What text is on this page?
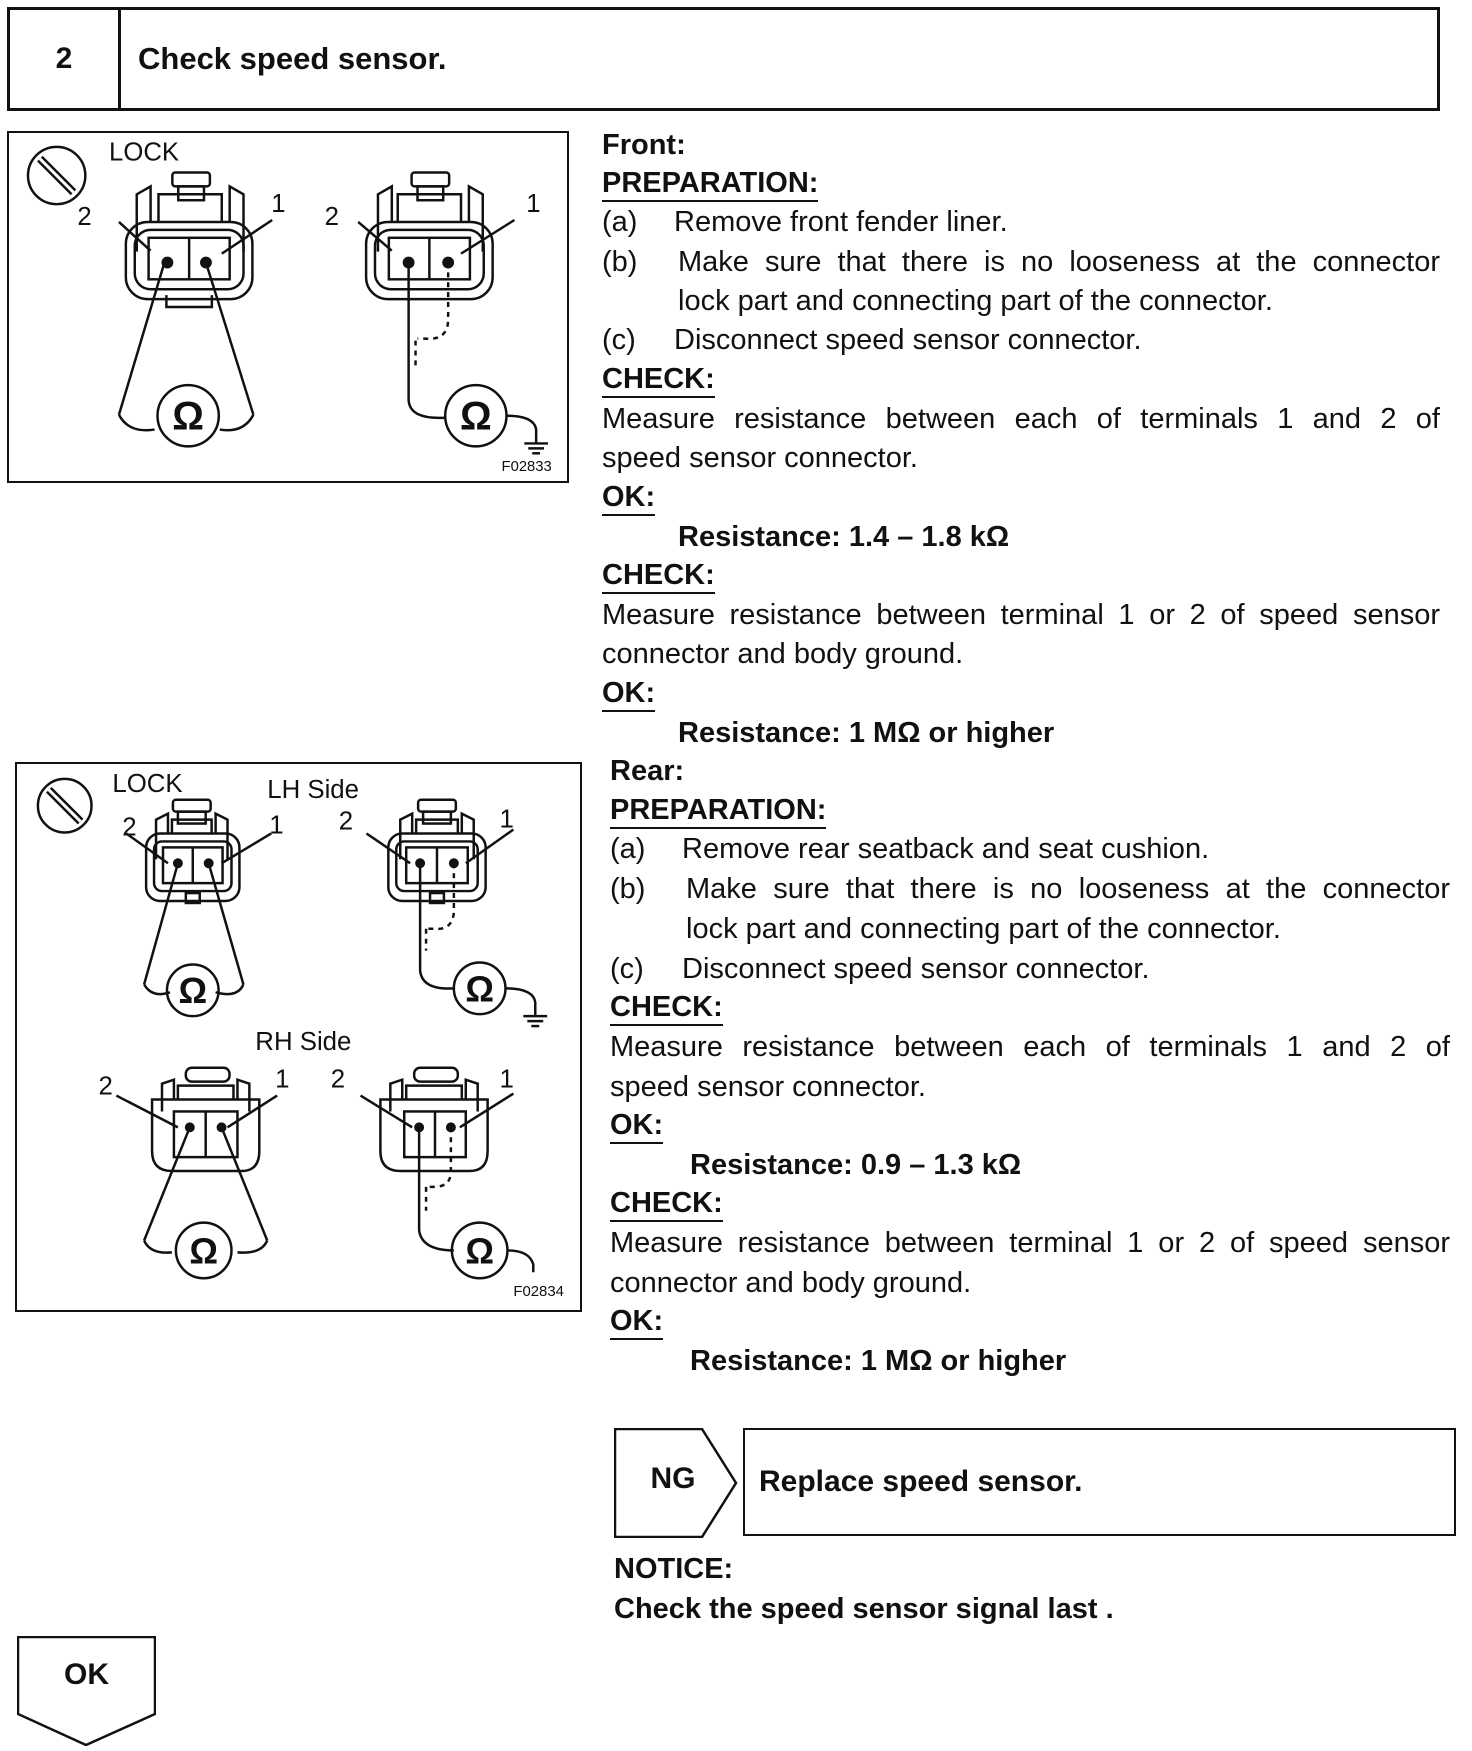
2	Check speed sensor.
LOCK
2	1 2	1
Ω	Ω
F02833
LOCK	LH Side
RH Side
2	1 2	1
2	1 2	1
Ω	Ω
Ω	Ω
F02834
Front:
PREPARATION:
(a) Remove front fender liner.
(b)	Make sure that there is no looseness at the connector
lock part and connecting part of the connector.
(c) Disconnect speed sensor connector.
CHECK:
Measure resistance between each of terminals 1 and 2 of
speed sensor connector.
OK:
Resistance: 1.4 – 1.8 kΩ
CHECK:
Measure resistance between terminal 1 or 2 of speed sensor
connector and body ground.
OK:
Resistance: 1 MΩ or higher
Rear:
PREPARATION:
(a) Remove rear seatback and seat cushion.
(b)	Make sure that there is no looseness at the connector
lock part and connecting part of the connector.
(c) Disconnect speed sensor connector.
CHECK:
Measure resistance between each of terminals 1 and 2 of
speed sensor connector.
OK:
Resistance: 0.9 – 1.3 kΩ
CHECK:
Measure resistance between terminal 1 or 2 of speed sensor
connector and body ground.
OK:
Resistance: 1 MΩ or higher
NG	Replace speed sensor.
NOTICE:
Check the speed sensor signal last .
OK
